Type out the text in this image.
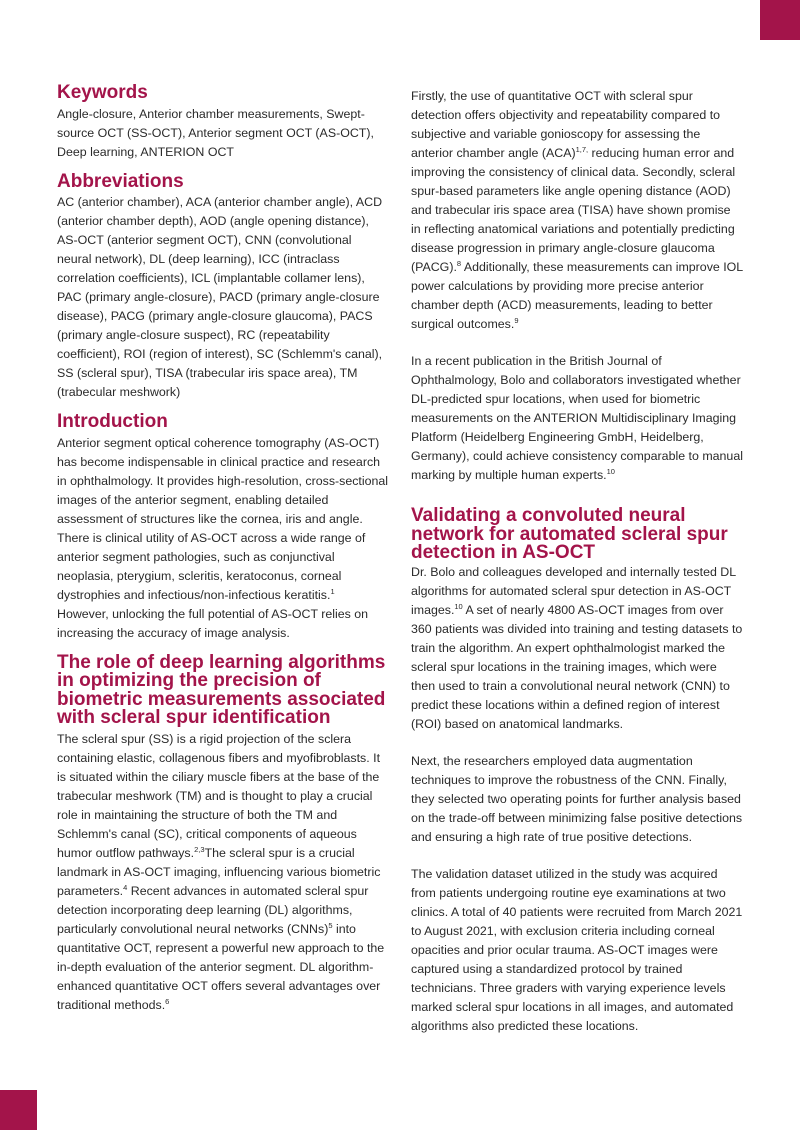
Keywords

Angle-closure, Anterior chamber measurements, Swept-source OCT (SS-OCT), Anterior segment OCT (AS-OCT), Deep learning, ANTERION OCT

Abbreviations

AC (anterior chamber), ACA (anterior chamber angle), ACD (anterior chamber depth), AOD (angle opening distance), AS-OCT (anterior segment OCT), CNN (convolutional neural network), DL (deep learning), ICC (intraclass correlation coefficients), ICL (implantable collamer lens), PAC (primary angle-closure), PACD (primary angle-closure disease), PACG (primary angle-closure glaucoma), PACS (primary angle-closure suspect), RC (repeatability coefficient), ROI (region of interest), SC (Schlemm's canal), SS (scleral spur), TISA (trabecular iris space area), TM (trabecular meshwork)

Introduction

Anterior segment optical coherence tomography (AS-OCT) has become indispensable in clinical practice and research in ophthalmology. It provides high-resolution, cross-sectional images of the anterior segment, enabling detailed assessment of structures like the cornea, iris and angle. There is clinical utility of AS-OCT across a wide range of anterior segment pathologies, such as conjunctival neoplasia, pterygium, scleritis, keratoconus, corneal dystrophies and infectious/non-infectious keratitis.$^1$ However, unlocking the full potential of AS-OCT relies on increasing the accuracy of image analysis.

The role of deep learning algorithms in optimizing the precision of biometric measurements associated with scleral spur identification

The scleral spur (SS) is a rigid projection of the sclera containing elastic, collagenous fibers and myofibroblasts. It is situated within the ciliary muscle fibers at the base of the trabecular meshwork (TM) and is thought to play a crucial role in maintaining the structure of both the TM and Schlemm's canal (SC), critical components of aqueous humor outflow pathways.$^{2,3}$The scleral spur is a crucial landmark in AS-OCT imaging, influencing various biometric parameters.$^4$ Recent advances in automated scleral spur detection incorporating deep learning (DL) algorithms, particularly convolutional neural networks (CNNs)$^5$ into quantitative OCT, represent a powerful new approach to the in-depth evaluation of the anterior segment. DL algorithm-enhanced quantitative OCT offers several advantages over traditional methods.$^6$

Firstly, the use of quantitative OCT with scleral spur detection offers objectivity and repeatability compared to subjective and variable gonioscopy for assessing the anterior chamber angle (ACA)$^{1,7,}$ reducing human error and improving the consistency of clinical data. Secondly, scleral spur-based parameters like angle opening distance (AOD) and trabecular iris space area (TISA) have shown promise in reflecting anatomical variations and potentially predicting disease progression in primary angle-closure glaucoma (PACG).$^8$ Additionally, these measurements can improve IOL power calculations by providing more precise anterior chamber depth (ACD) measurements, leading to better surgical outcomes.$^9$

In a recent publication in the British Journal of Ophthalmology, Bolo and collaborators investigated whether DL-predicted spur locations, when used for biometric measurements on the ANTERION Multidisciplinary Imaging Platform (Heidelberg Engineering GmbH, Heidelberg, Germany), could achieve consistency comparable to manual marking by multiple human experts.$^{10}$

Validating a convoluted neural network for automated scleral spur detection in AS-OCT

Dr. Bolo and colleagues developed and internally tested DL algorithms for automated scleral spur detection in AS-OCT images.$^{10}$ A set of nearly 4800 AS-OCT images from over 360 patients was divided into training and testing datasets to train the algorithm. An expert ophthalmologist marked the scleral spur locations in the training images, which were then used to train a convolutional neural network (CNN) to predict these locations within a defined region of interest (ROI) based on anatomical landmarks.

Next, the researchers employed data augmentation techniques to improve the robustness of the CNN. Finally, they selected two operating points for further analysis based on the trade-off between minimizing false positive detections and ensuring a high rate of true positive detections.

The validation dataset utilized in the study was acquired from patients undergoing routine eye examinations at two clinics. A total of 40 patients were recruited from March 2021 to August 2021, with exclusion criteria including corneal opacities and prior ocular trauma. AS-OCT images were captured using a standardized protocol by trained technicians. Three graders with varying experience levels marked scleral spur locations in all images, and automated algorithms also predicted these locations.
